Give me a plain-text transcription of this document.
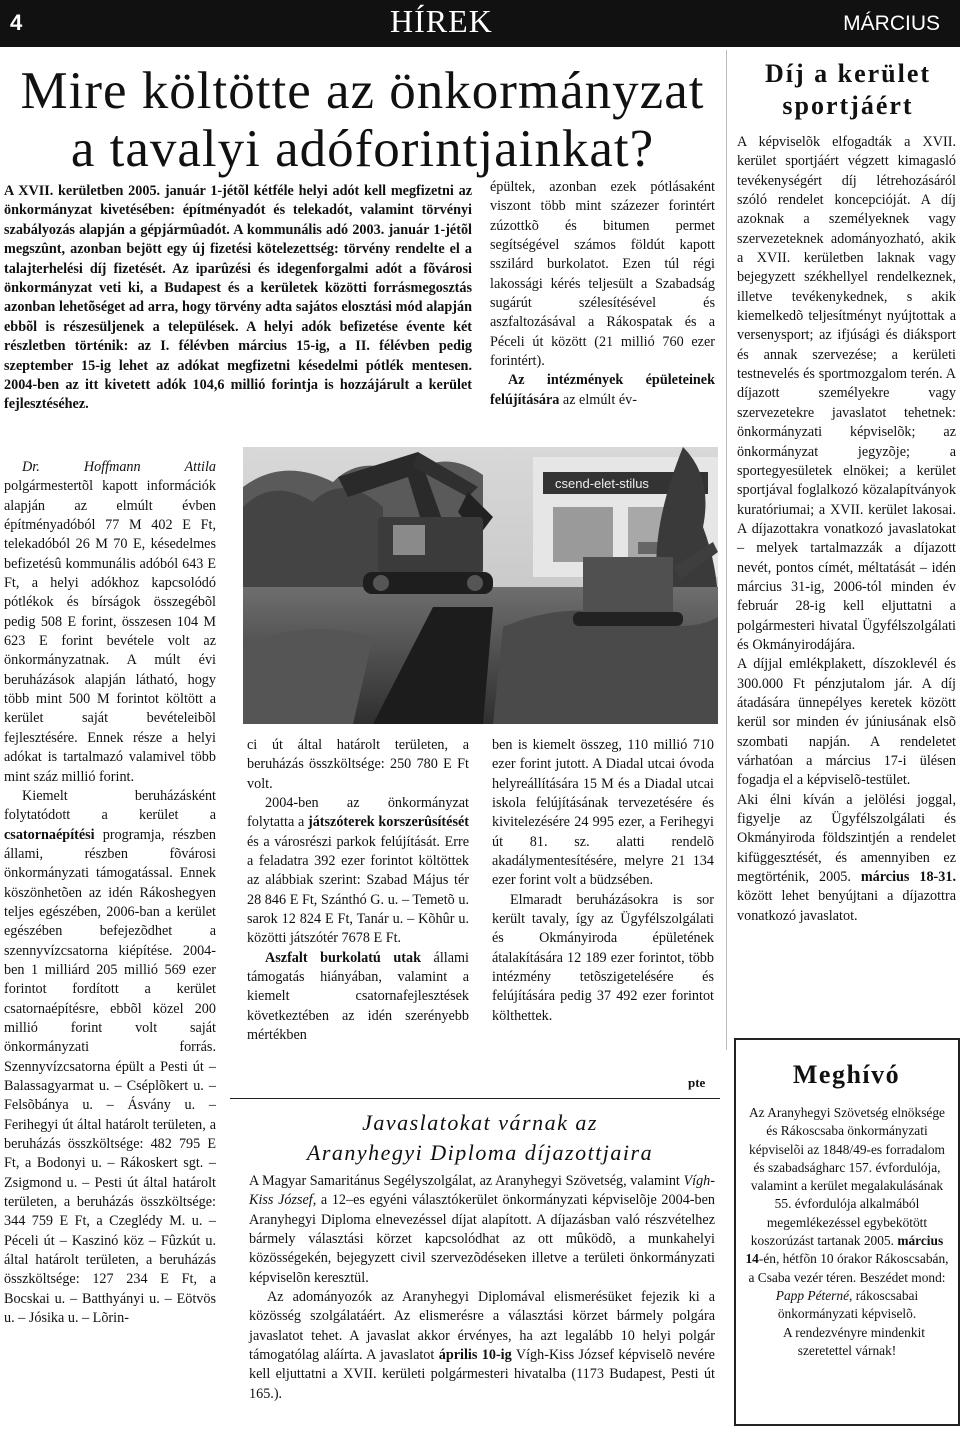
4	HÍREK	MÁRCIUS
Mire költötte az önkormányzat
a tavalyi adóforintjainkat?
A XVII. kerületben 2005. január 1-jétõl kétféle helyi adót kell megfizetni az önkormányzat kivetésében: építményadót és telekadót, valamint törvényi szabályozás alapján a gépjármûadót. A kommunális adó 2003. január 1-jétõl megszûnt, azonban bejött egy új fizetési kötelezettség: törvény rendelte el a talajterhelési díj fizetését. Az iparûzési és idegenforgalmi adót a fõvárosi önkormányzat veti ki, a Budapest és a kerületek közötti forrásmegosztás azonban lehetõséget ad arra, hogy törvény adta sajátos elosztási mód alapján ebbõl is részesüljenek a települések. A helyi adók befizetése évente két részletben történik: az I. félévben március 15-ig, a II. félévben pedig szeptember 15-ig lehet az adókat megfizetni késedelmi pótlék mentesen. 2004-ben az itt kivetett adók 104,6 millió forintja is hozzájárult a kerület fejlesztéséhez.

Dr. Hoffmann Attila polgármestertõl kapott információk alapján az elmúlt évben építményadóból 77 M 402 E Ft, telekadóból 26 M 70 E, késedelmes befizetésû kommunális adóból 643 E Ft, a helyi adókhoz kapcsolódó pótlékok és bírságok összegébõl pedig 508 E forint, összesen 104 M 623 E forint bevétele volt az önkormányzatnak. A múlt évi beruházások alapján látható, hogy több mint 500 M forintot költött a kerület saját bevételeibõl fejlesztésére. Ennek része a helyi adókat is tartalmazó valamivel több mint száz millió forint.

Kiemelt beruházásként folytatódott a kerület a csatornaépítési programja, részben állami, részben fõvárosi önkormányzati támogatással. Ennek köszönhetõen az idén Rákoshegyen teljes egészében, 2006-ban a kerület egészében befejezõdhet a szennyvízcsatorna kiépítése. 2004-ben 1 milliárd 205 millió 569 ezer forintot fordított a kerület csatornaépítésre, ebbõl közel 200 millió forint volt saját önkormányzati forrás. Szennyvízcsatorna épült a Pesti út – Balassagyarmat u. – Cséplõkert u. – Felsõbánya u. – Ásvány u. – Ferihegyi út által határolt területen, a beruházás összköltsége: 482 795 E Ft, a Bodonyi u. – Rákoskert sgt. – Zsigmond u. – Pesti út által határolt területen, a beruházás összköltsége: 344 759 E Ft, a Czeglédy M. u. – Péceli út – Kaszinó köz – Fûzkút u. által határolt területen, a beruházás összköltsége: 127 234 E Ft, a Bocskai u. – Batthyányi u. – Eötvös u. – Jósika u. – Lõrin-

csend-elet-stilus

ci út által határolt területen, a beruházás összköltsége: 250 780 E Ft volt.

2004-ben az önkormányzat folytatta a játszóterek korszerûsítését és a városrészi parkok felújítását. Erre a feladatra 392 ezer forintot költöttek az alábbiak szerint: Szabad Május tér 28 846 E Ft, Szánthó G. u. – Temetõ u. sarok 12 824 E Ft, Tanár u. – Kõhûr u. közötti játszótér 7678 E Ft.

Aszfalt burkolatú utak állami támogatás hiányában, valamint a kiemelt csatornafejlesztések következtében az idén szerényebb mértékben

épültek, azonban ezek pótlásaként viszont több mint százezer forintért zúzottkõ és bitumen permet segítségével számos földút kapott sszilárd burkolatot. Ezen túl régi lakossági kérés teljesült a Szabadság sugárút szélesítésével és aszfaltozásával a Rákospatak és a Péceli út között (21 millió 760 ezer forintért).

Az intézmények épületeinek felújítására az elmúlt év-

ben is kiemelt összeg, 110 millió 710 ezer forint jutott. A Diadal utcai óvoda helyreállítására 15 M és a Diadal utcai iskola felújításának tervezetésére és kivitelezésére 24 995 ezer, a Ferihegyi út 81. sz. alatti rendelõ akadálymentesítésére, melyre 21 134 ezer forint volt a büdzsében.

Elmaradt beruházásokra is sor került tavaly, így az Ügyfélszolgálati és Okmányiroda épületének átalakítására 12 189 ezer forintot, több intézmény tetõszigetelésére és felújítására pedig 37 492 ezer forintot költhettek.

pte
Javaslatokat várnak az
Aranyhegyi Diploma díjazottjaira

A Magyar Samaritánus Segélyszolgálat, az Aranyhegyi Szövetség, valamint Vígh-Kiss József, a 12–es egyéni választókerület önkormányzati képviselõje 2004-ben Aranyhegyi Diploma elnevezéssel díjat alapított. A díjazásban való részvételhez bármely választási körzet kapcsolódhat az ott mûködõ, a munkahelyi közösségekén, bejegyzett civil szervezõdéseken illetve a területi önkormányzati képviselõn keresztül.

Az adományozók az Aranyhegyi Diplomával elismerésüket fejezik ki a közösség szolgálatáért. Az elismerésre a választási körzet bármely polgára javaslatot tehet. A javaslat akkor érvényes, ha azt legalább 10 helyi polgár támogatólag aláírta. A javaslatot április 10-ig Vígh-Kiss József képviselõ nevére kell eljuttatni a XVII. kerületi polgármesteri hivatalba (1173 Budapest, Pesti út 165.).

Díj a kerület
sportjáért

A képviselõk elfogadták a XVII. kerület sportjáért végzett kimagasló tevékenységért díj létrehozásáról szóló rendelet koncepcióját. A díj azoknak a személyeknek vagy szervezeteknek adományozható, akik a XVII. kerületben laknak vagy bejegyzett székhellyel rendelkeznek, illetve tevékenykednek, s akik kiemelkedõ teljesítményt nyújtottak a versenysport; az ifjúsági és diáksport és annak szervezése; a kerületi testnevelés és sportmozgalom terén. A díjazott személyekre vagy szervezetekre javaslatot tehetnek: önkormányzati képviselõk; az önkormányzat jegyzõje; a sportegyesületek elnökei; a kerület sportjával foglalkozó közalapítványok kuratóriumai; a XVII. kerület lakosai. A díjazottakra vonatkozó javaslatokat – melyek tartalmazzák a díjazott nevét, pontos címét, méltatását – idén március 31-ig, 2006-tól minden év február 28-ig kell eljuttatni a polgármesteri hivatal Ügyfélszolgálati és Okmányirodájára.

A díjjal emlékplakett, díszoklevél és 300.000 Ft pénzjutalom jár. A díj átadására ünnepélyes keretek között kerül sor minden év júniusának elsõ szombati napján. A rendeletet várhatóan a március 17-i ülésen fogadja el a képviselõ-testület.

Aki élni kíván a jelölési joggal, figyelje az Ügyfélszolgálati és Okmányiroda földszintjén a rendelet kifüggesztését, és amennyiben ez megtörténik, 2005. március 18-31. között lehet benyújtani a díjazottra vonatkozó javaslatot.

Meghívó

Az Aranyhegyi Szövetség elnöksége és Rákoscsaba önkormányzati képviselõi az 1848/49-es forradalom és szabadságharc 157. évfordulója, valamint a kerület megalakulásának 55. évfordulója alkalmából megemlékezéssel egybekötött koszorúzást tartanak 2005. március 14-én, hétfõn 10 órakor Rákoscsabán, a Csaba vezér téren. Beszédet mond: Papp Péterné, rákoscsabai önkormányzati képviselõ.

A rendezvényre mindenkit szeretettel várnak!
